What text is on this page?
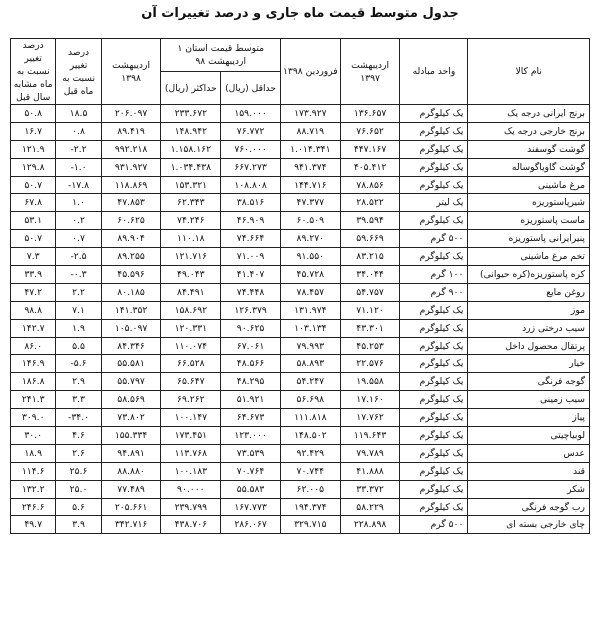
جدول متوسط قیمت ماه جاری و درصد تغییرات آن
نام کالا	واحد مبادله	اردیبهشت ۱۳۹۷	فروردین ۱۳۹۸	متوسط قیمت استان ۱ اردیبهشت ۹۸		اردیبهشت ۱۳۹۸	درصد تغییر نسبت به ماه قبل	درصد تغییر نسبت به ماه مشابه سال قبل
				حداقل (ریال)	حداکثر (ریال)			
برنج ایرانی درجه یک	یک کیلوگرم	۱۳۶.۶۵۷	۱۷۳.۹۲۷	۱۵۹.۰۰۰	۲۳۳.۶۷۲	۲۰۶.۰۹۷	۱۸.۵	۵۰.۸
برنج خارجی درجه یک	یک کیلوگرم	۷۶.۶۵۲	۸۸.۷۱۹	۷۶.۷۷۲	۱۴۸.۹۴۲	۸۹.۴۱۹	۰.۸	۱۶.۷
گوشت گوسفند	یک کیلوگرم	۴۴۷.۱۶۷	۱.۰۱۴.۳۴۱	۷۶۰.۰۰۰	۱.۱۵۸.۱۶۲	۹۹۲.۲۱۸	-۲.۲	۱۲۱.۹
گوشت گاوياگوساله	یک کیلوگرم	۴۰۵.۴۱۲	۹۴۱.۳۷۴	۶۶۷.۲۷۳	۱.۰۳۴.۴۳۸	۹۳۱.۹۲۷	-۱.۰	۱۲۹.۸
مرغ ماشینی	یک کیلوگرم	۷۸.۸۵۶	۱۴۴.۷۱۶	۱۰۸.۸۰۸	۱۵۳.۳۲۱	۱۱۸.۸۶۹	-۱۷.۸	۵۰.۷
شیرپاستوریزه	یک لیتر	۲۸.۵۲۲	۴۷.۳۷۷	۳۸.۵۱۶	۶۲.۳۴۳	۴۷.۸۵۳	۱.۰	۶۷.۸
ماست پاستوریزه	یک کیلوگرم	۳۹.۵۹۴	۶۰.۵۰۹	۴۶.۹۰۹	۷۴.۲۴۶	۶۰.۶۲۵	۰.۲	۵۳.۱
پنیرایرانی پاستوریزه	۵۰۰ گرم	۵۹.۶۶۹	۸۹.۲۷۰	۷۴.۶۶۴	۱۱۰.۱۸	۸۹.۹۰۴	۰.۷	۵۰.۷
تخم مرغ ماشینی	یک کیلوگرم	۸۳.۲۱۵	۹۱.۵۵۰	۷۱.۰۰۹	۱۲۱.۷۱۶	۸۹.۲۵۵	-۲.۵	۷.۳
کره پاستوریزه(کره حیوانی)	۱۰۰ گرم	۳۴.۰۴۴	۴۵.۷۲۸	۴۱.۴۰۷	۴۹.۰۴۳	۴۵.۵۹۶	-۰.۳	۳۳.۹
روغن مایع	۹۰۰ گرم	۵۴.۷۵۷	۷۸.۴۵۷	۷۴.۴۴۸	۸۴.۴۹۱	۸۰.۱۸۵	۲.۲	۴۷.۲
موز	یک کیلوگرم	۷۱.۱۲۰	۱۳۱.۹۷۴	۱۲۶.۳۷۹	۱۵۸.۶۹۲	۱۴۱.۳۵۲	۷.۱	۹۸.۸
سیب درختی زرد	یک کیلوگرم	۴۳.۳۰۱	۱۰۳.۱۳۴	۹۰.۶۲۵	۱۲۰.۳۳۱	۱۰۵.۰۹۷	۱.۹	۱۴۲.۷
پرتقال محصول داخل	یک کیلوگرم	۴۵.۲۵۳	۷۹.۹۹۳	۶۷.۰۶۱	۱۱۰.۰۷۴	۸۴.۳۴۶	۵.۵	۸۶.۰
خیار	یک کیلوگرم	۲۲.۵۷۶	۵۸.۸۹۳	۴۸.۵۶۶	۶۶.۵۲۸	۵۵.۵۸۱	-۵.۶	۱۴۶.۹
گوجه فرنگی	یک کیلوگرم	۱۹.۵۵۸	۵۴.۲۴۷	۴۸.۲۹۵	۶۵.۶۴۷	۵۵.۷۹۷	۲.۹	۱۸۶.۸
سیب زمینی	یک کیلوگرم	۱۷.۱۶۰	۵۶.۶۹۸	۵۱.۹۲۱	۶۹.۲۶۲	۵۸.۵۶۹	۳.۳	۲۴۱.۳
پیاز	یک کیلوگرم	۱۷.۷۶۲	۱۱۱.۸۱۸	۶۴.۶۷۳	۱۰۰.۱۴۷	۷۳.۸۰۲	-۳۴.۰	۳۰۹.۰
لوبیاچیتی	یک کیلوگرم	۱۱۹.۶۴۳	۱۴۸.۵۰۲	۱۲۳.۰۰۰	۱۷۳.۴۵۱	۱۵۵.۳۳۴	۴.۶	۳۰.۰
عدس	یک کیلوگرم	۷۹.۷۸۹	۹۲.۴۲۹	۷۳.۵۳۹	۱۱۳.۷۶۸	۹۴.۸۹۱	۲.۶	۱۸.۹
قند	یک کیلوگرم	۴۱.۸۸۸	۷۰.۷۴۴	۷۰.۷۶۴	۱۰۰.۱۸۳	۸۸.۸۸۰	۲۵.۶	۱۱۴.۶
شکر	یک کیلوگرم	۳۳.۳۷۲	۶۲.۰۰۵	۵۵.۵۸۳	۹۰.۰۰۰	۷۷.۴۸۹	۲۵.۰	۱۳۲.۲
رب گوجه فرنگی	یک کیلوگرم	۵۸.۲۲۹	۱۹۴.۳۷۴	۱۶۷.۷۷۳	۲۳۹.۷۹۹	۲۰۵.۶۶۱	۵.۶	۲۴۶.۶
چای خارجی بسته ای	۵۰۰ گرم	۲۲۸.۸۹۸	۳۲۹.۷۱۵	۲۸۶.۰۶۷	۴۳۸.۷۰۶	۳۴۲.۷۱۶	۳.۹	۴۹.۷
